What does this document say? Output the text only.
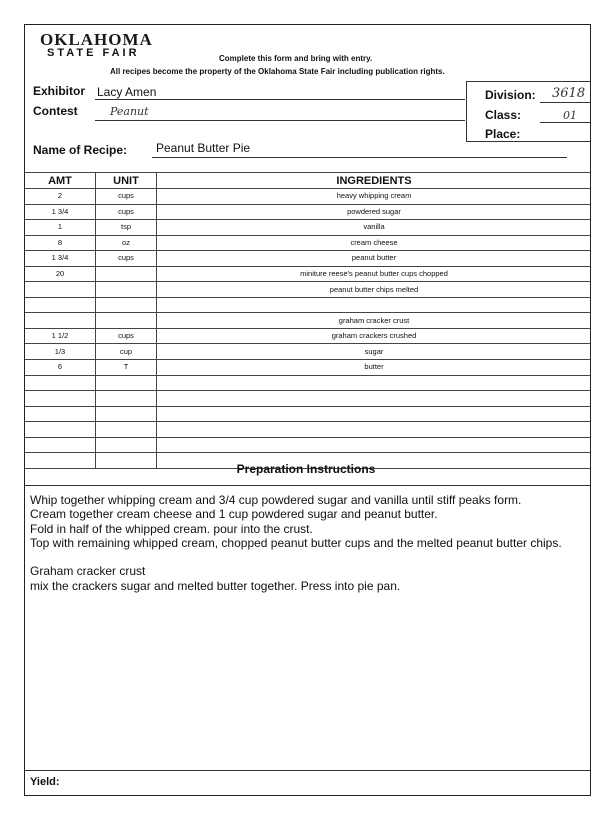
OKLAHOMA
STATE FAIR	Complete this form and bring with entry.
All recipes become the property of the Oklahoma State Fair including publication rights.
Exhibitor Lacy Amen
Contest	Peanut
Division: 3618
Class:	01
Place:
Name of Recipe: Peanut Butter Pie
AMT	UNIT	INGREDIENTS
2	cups	heavy whipping cream
1 3/4	cups	powdered sugar
1	tsp	vanilla
8	oz	cream cheese
1 3/4	cups	peanut butter
20		miniture reese's peanut butter cups chopped
		peanut butter chips melted

		graham cracker crust
1 1/2	cups	graham crackers crushed
1/3	cup	sugar
6	T	butter

Preparation Instructions

Whip together whipping cream and 3/4 cup powdered sugar and vanilla until stiff peaks form.

Cream together cream cheese and 1 cup powdered sugar and peanut butter.

Fold in half of the whipped cream. pour into the crust.

Top with remaining whipped cream, chopped peanut butter cups and the melted peanut butter chips.

Graham cracker crust

mix the crackers sugar and melted butter together. Press into pie pan.

Yield:
